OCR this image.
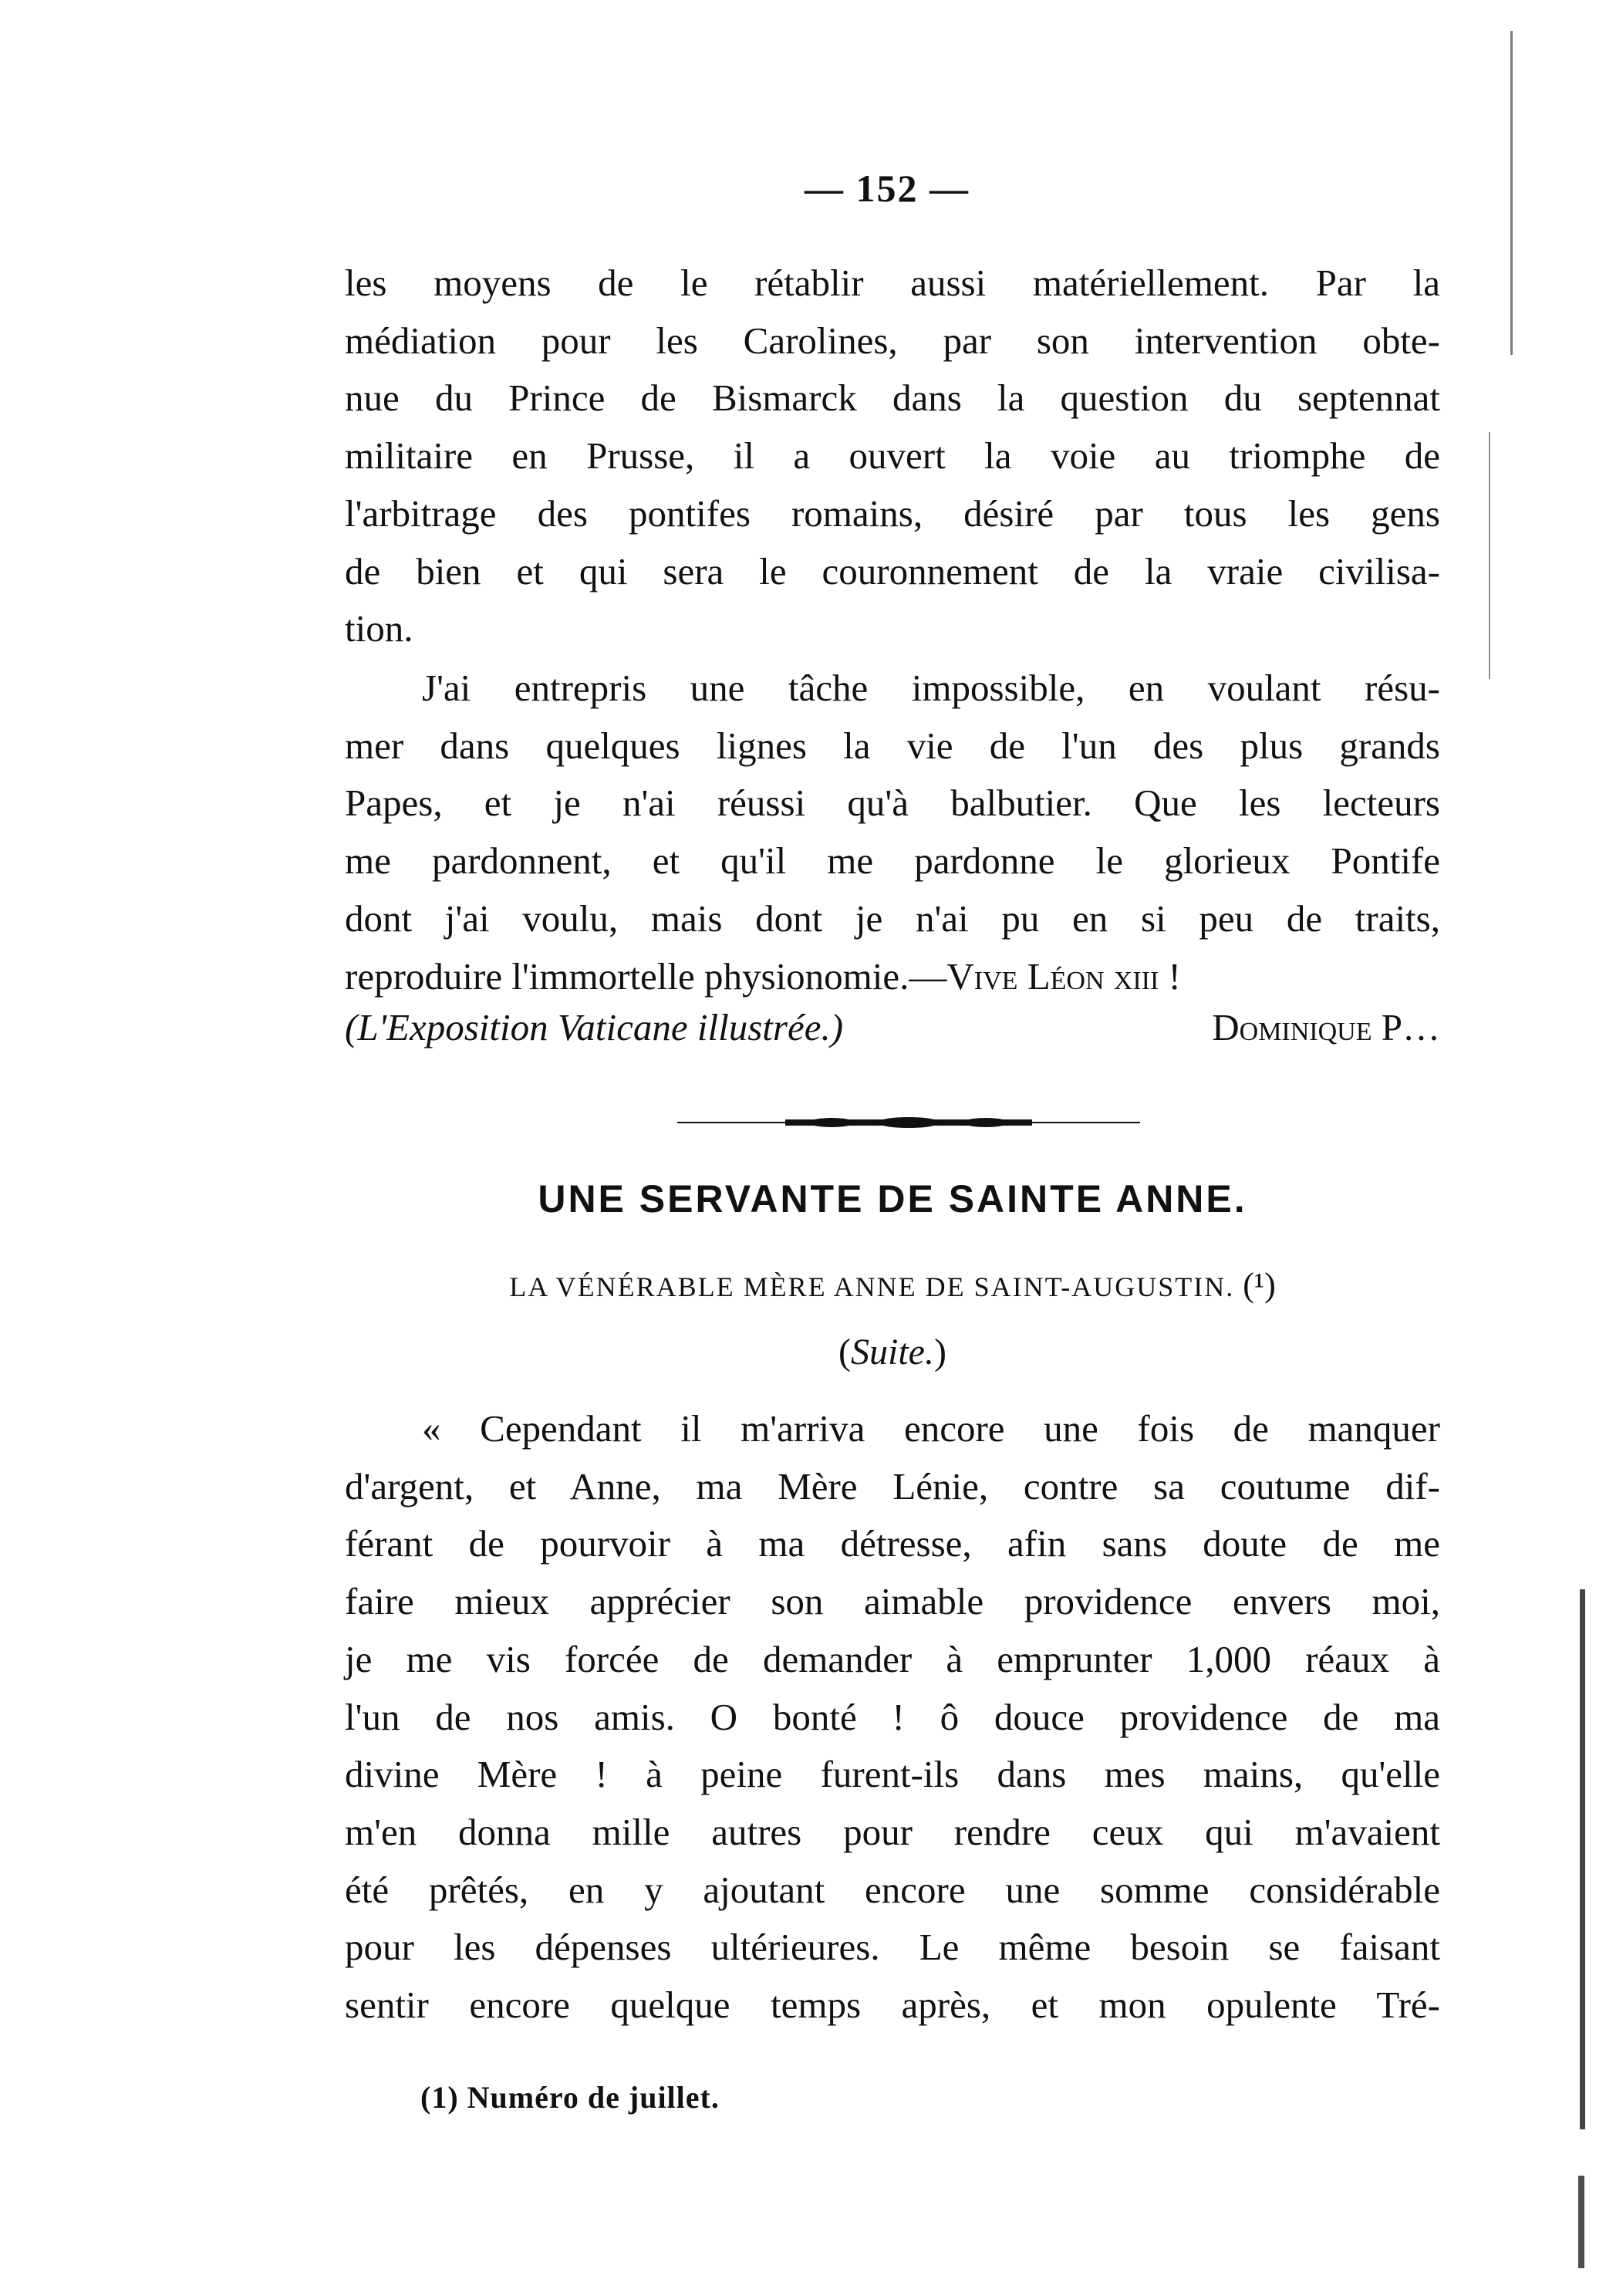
— 152 —
les moyens de le rétablir aussi matériellement. Par la
médiation pour les Carolines, par son intervention obte-
nue du Prince de Bismarck dans la question du septennat
militaire en Prusse, il a ouvert la voie au triomphe de
l'arbitrage des pontifes romains, désiré par tous les gens
de bien et qui sera le couronnement de la vraie civilisa-
tion.
J'ai entrepris une tâche impossible, en voulant résu-
mer dans quelques lignes la vie de l'un des plus grands
Papes, et je n'ai réussi qu'à balbutier. Que les lecteurs
me pardonnent, et qu'il me pardonne le glorieux Pontife
dont j'ai voulu, mais dont je n'ai pu en si peu de traits,
reproduire l'immortelle physionomie.—Vive Léon xiii !
(L'Exposition Vaticane illustrée.)	Dominique P…
UNE SERVANTE DE SAINTE ANNE.
LA VÉNÉRABLE MÈRE ANNE DE SAINT-AUGUSTIN. (¹)
(Suite.)
« Cependant il m'arriva encore une fois de manquer
d'argent, et Anne, ma Mère Lénie, contre sa coutume dif-
férant de pourvoir à ma détresse, afin sans doute de me
faire mieux apprécier son aimable providence envers moi,
je me vis forcée de demander à emprunter 1,000 réaux à
l'un de nos amis. O bonté ! ô douce providence de ma
divine Mère ! à peine furent-ils dans mes mains, qu'elle
m'en donna mille autres pour rendre ceux qui m'avaient
été prêtés, en y ajoutant encore une somme considérable
pour les dépenses ultérieures. Le même besoin se faisant
sentir encore quelque temps après, et mon opulente Tré-
(1) Numéro de juillet.
